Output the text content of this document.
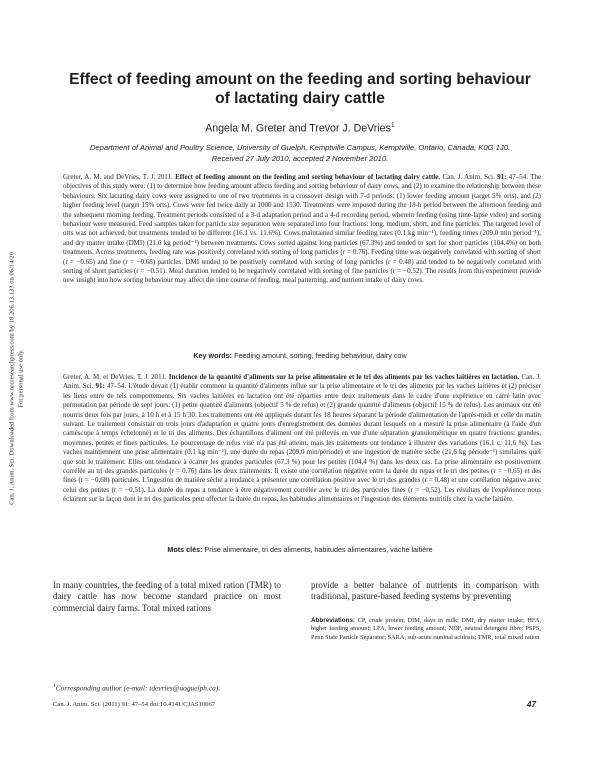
Can. J. Anim. Sci. Downloaded from www.nrcresearchpress.com by 18.206.13.133 on 06/14/20 For personal use only.
Effect of feeding amount on the feeding and sorting behaviour of lactating dairy cattle
Angela M. Greter and Trevor J. DeVries$^1$
Department of Animal and Poultry Science, University of Guelph, Kemptville Campus, Kemptville, Ontario, Canada, K0G 1J0. Received 27 July 2010, accepted 2 November 2010.
Greter, A. M. and DeVries, T. J. 2011. Effect of feeding amount on the feeding and sorting behaviour of lactating dairy cattle. Can. J. Anim. Sci. 91: 47–54. The objectives of this study were: (1) to determine how feeding amount affects feeding and sorting behaviour of dairy cows, and (2) to examine the relationship between these behaviours. Six lactating dairy cows were assigned to one of two treatments in a crossover design with 7-d periods: (1) lower feeding amount (target 5% orts), and (2) higher feeding level (target 15% orts). Cows were fed twice daily at 1000 and 1530. Treatments were imposed during the 18-h period between the afternoon feeding and the subsequent morning feeding. Treatment periods consisted of a 3-d adaptation period and a 4-d recording period, wherein feeding (using time-lapse video) and sorting behaviour were measured. Feed samples taken for particle size separation were separated into four fractions: long, medium, short, and fine particles. The targeted level of orts was not achieved, but treatments tended to be different (16.1 vs. 11.6%). Cows maintained similar feeding rates (0.1 kg min⁻¹), feeding times (209.0 min period⁻¹), and dry matter intake (DMI) (21.6 kg period⁻¹) between treatments. Cows sorted against long particles (67.3%) and tended to sort for short particles (104.4%) on both treatments. Across treatments, feeding rate was positively correlated with sorting of long particles (r = 0.76). Feeding time was negatively correlated with sorting of short (r = −0.65) and fine (r = −0.68) particles. DMI tended to be positively correlated with sorting of long particles (r = 0.48) and tended to be negatively correlated with sorting of short particles (r = −0.51). Meal duration tended to be negatively correlated with sorting of fine particles (r = −0.52). The results from this experiment provide new insight into how sorting behaviour may affect the time course of feeding, meal patterning, and nutrient intake of dairy cows.
Key words: Feeding amount, sorting, feeding behaviour, dairy cow
Greter, A. M. et DeVries, T. J. 2011. Incidence de la quantité d'aliments sur la prise alimentaire et le tri des aliments par les vaches laitières en lactation. Can. J. Anim. Sci. 91: 47–54. L'étude devait (1) établir comment la quantité d'aliments influe sur la prise alimentaire et le tri des aliments par les vaches laitières et (2) préciser les liens entre de tels comportements. Six vaches laitières en lactation ont été réparties entre deux traitements dans le cadre d'une expérience en carré latin avec permutation par période de sept jours: (1) petite quantité d'aliments (objectif 5 % de refus) et (2) grande quantité d'aliments (objectif 15 % de refus). Les animaux ont été nourris deux fois par jours, à 10 h et à 15 h 30. Les traitements ont été appliqués durant les 18 heures séparant la période d'alimentation de l'après-midi et celle du matin suivant. Le traitement consistait en trois jours d'adaptation et quatre jours d'enregistrement des données durant lesquels on a mesuré la prise alimentaire (à l'aide d'un caméscope à temps échelonné) et le tri des aliments. Des échantillons d'aliment ont été prélevés en vue d'une séparation granulométrique en quatre fractions: grandes, moyennes, petites et fines particules. Le pourcentage de refus visé n'a pas été atteint, mais les traitements ont tendance à illustrer des variations (16,1 c. 11,6 %). Les vaches maintiennent une prise alimentaire (0,1 kg min⁻¹), une durée du repas (209,0 min/période) et une ingestion de matière sèche (21,6 kg période⁻¹) similaires quel que soit le traitement. Elles ont tendance à écarter les grandes particules (67,3 %) pour les petites (104,4 %) dans les deux cas. La prise alimentaire est positivement corrélée au tri des grandes particules (r = 0,76) dans les deux traitements. Il existe une corrélation négative entre la durée du repas et le tri des petites (r = −0,65) et des fines (r = −0,68) particules. L'ingestion de matière sèche a tendance à présenter une corrélation positive avec le tri des grandes (r = 0,48) et une corrélation négative avec celui des petites (r = −0,51). La durée du repas a tendance à être négativement corrélée avec le tri des particules fines (r = −0,52). Les résultats de l'expérience nous éclairent sur la façon dont le tri des particules peut affecter la durée du repas, les habitudes alimentaires et l'ingestion des éléments nutritifs chez la vache laitière.
Mots clés: Prise alimentaire, tri des aliments, habitudes alimentaires, vache laitière
In many countries, the feeding of a total mixed ration (TMR) to dairy cattle has now become standard practice on most commercial dairy farms. Total mixed rations
provide a better balance of nutrients in comparison with traditional, pasture-based feeding systems by preventing
Abbreviations: CP, crude protein; DIM, days in milk; DMI, dry matter intake; HFA, higher feeding amount; LFA, lower feeding amount; NDF, neutral detergent fibre; PSPS, Penn State Particle Separator; SARA, sub-acute ruminal acidosis; TMR, total mixed ration
$^1$Corresponding author (e-mail: tdevries@uoguelph.ca).
Can. J. Anim. Sci. (2011) 91: 47–54 doi:10.4141/CJAS10067	47
